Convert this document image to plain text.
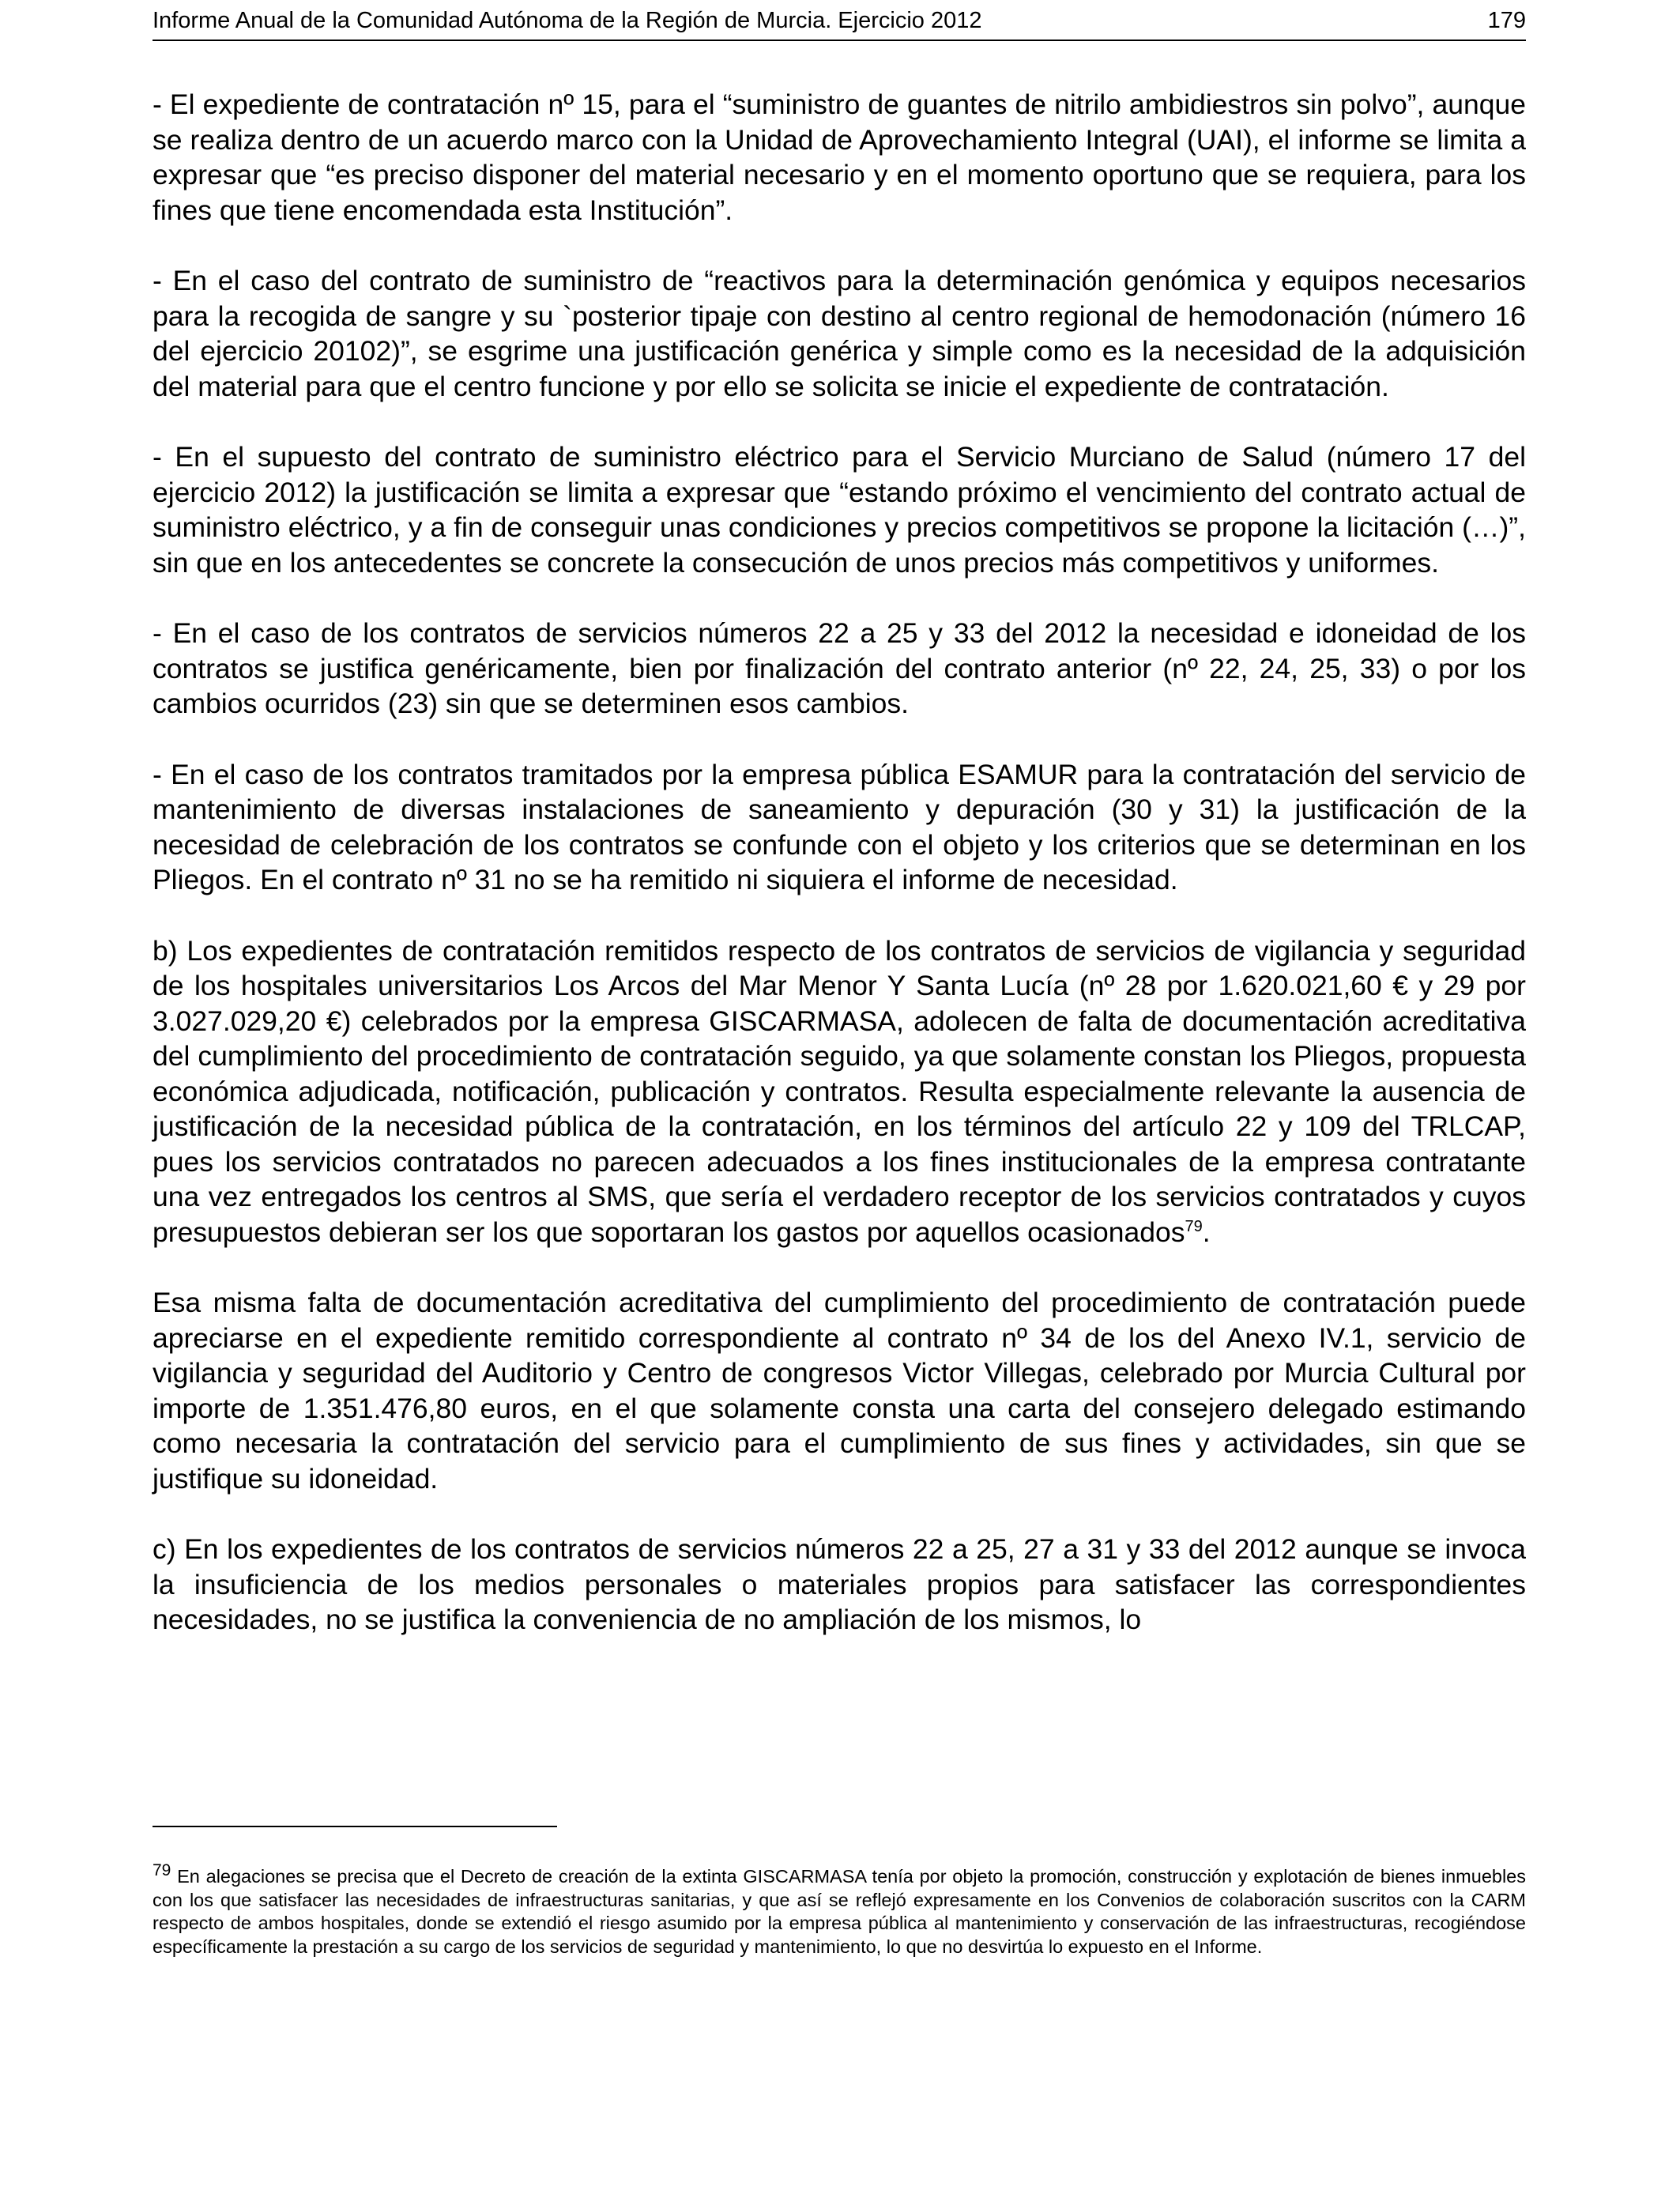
Informe Anual de la Comunidad Autónoma de la Región de Murcia. Ejercicio 2012	179

- El expediente de contratación nº 15, para el “suministro de guantes de nitrilo ambidiestros sin polvo”, aunque se realiza dentro de un acuerdo marco con la Unidad de Aprovechamiento Integral (UAI), el informe se limita a expresar que “es preciso disponer del material necesario y en el momento oportuno que se requiera, para los fines que tiene encomendada esta Institución”.

- En el caso del contrato de suministro de “reactivos para la determinación genómica y equipos necesarios para la recogida de sangre y su `posterior tipaje con destino al centro regional de hemodonación (número 16 del ejercicio 20102)”, se esgrime una justificación genérica y simple como es la necesidad de la adquisición del material para que el centro funcione y por ello se solicita se inicie el expediente de contratación.

- En el supuesto del contrato de suministro eléctrico para el Servicio Murciano de Salud (número 17 del ejercicio 2012) la justificación se limita a expresar que “estando próximo el vencimiento del contrato actual de suministro eléctrico, y a fin de conseguir unas condiciones y precios competitivos se propone la licitación (…)”, sin que en los antecedentes se concrete la consecución de unos precios más competitivos y uniformes.

- En el caso de los contratos de servicios números 22 a 25 y 33 del 2012 la necesidad e idoneidad de los contratos se justifica genéricamente, bien por finalización del contrato anterior (nº 22, 24, 25, 33) o por los cambios ocurridos (23) sin que se determinen esos cambios.

- En el caso de los contratos tramitados por la empresa pública ESAMUR para la contratación del servicio de mantenimiento de diversas instalaciones de saneamiento y depuración (30 y 31) la justificación de la necesidad de celebración de los contratos se confunde con el objeto y los criterios que se determinan en los Pliegos. En el contrato nº 31 no se ha remitido ni siquiera el informe de necesidad.

b) Los expedientes de contratación remitidos respecto de los contratos de servicios de vigilancia y seguridad de los hospitales universitarios Los Arcos del Mar Menor Y Santa Lucía (nº 28 por 1.620.021,60 € y 29 por 3.027.029,20 €) celebrados por la empresa GISCARMASA, adolecen de falta de documentación acreditativa del cumplimiento del procedimiento de contratación seguido, ya que solamente constan los Pliegos, propuesta económica adjudicada, notificación, publicación y contratos. Resulta especialmente relevante la ausencia de justificación de la necesidad pública de la contratación, en los términos del artículo 22 y 109 del TRLCAP, pues los servicios contratados no parecen adecuados a los fines institucionales de la empresa contratante una vez entregados los centros al SMS, que sería el verdadero receptor de los servicios contratados y cuyos presupuestos debieran ser los que soportaran los gastos por aquellos ocasionados$^{79}$.

Esa misma falta de documentación acreditativa del cumplimiento del procedimiento de contratación puede apreciarse en el expediente remitido correspondiente al contrato nº 34 de los del Anexo IV.1, servicio de vigilancia y seguridad del Auditorio y Centro de congresos Victor Villegas, celebrado por Murcia Cultural por importe de 1.351.476,80 euros, en el que solamente consta una carta del consejero delegado estimando como necesaria la contratación del servicio para el cumplimiento de sus fines y actividades, sin que se justifique su idoneidad.

c) En los expedientes de los contratos de servicios números 22 a 25, 27 a 31 y 33 del 2012 aunque se invoca la insuficiencia de los medios personales o materiales propios para satisfacer las correspondientes necesidades, no se justifica la conveniencia de no ampliación de los mismos, lo

$^{79}$ En alegaciones se precisa que el Decreto de creación de la extinta GISCARMASA tenía por objeto la promoción, construcción y explotación de bienes inmuebles con los que satisfacer las necesidades de infraestructuras sanitarias, y que así se reflejó expresamente en los Convenios de colaboración suscritos con la CARM respecto de ambos hospitales, donde se extendió el riesgo asumido por la empresa pública al mantenimiento y conservación de las infraestructuras, recogiéndose específicamente la prestación a su cargo de los servicios de seguridad y mantenimiento, lo que no desvirtúa lo expuesto en el Informe.
